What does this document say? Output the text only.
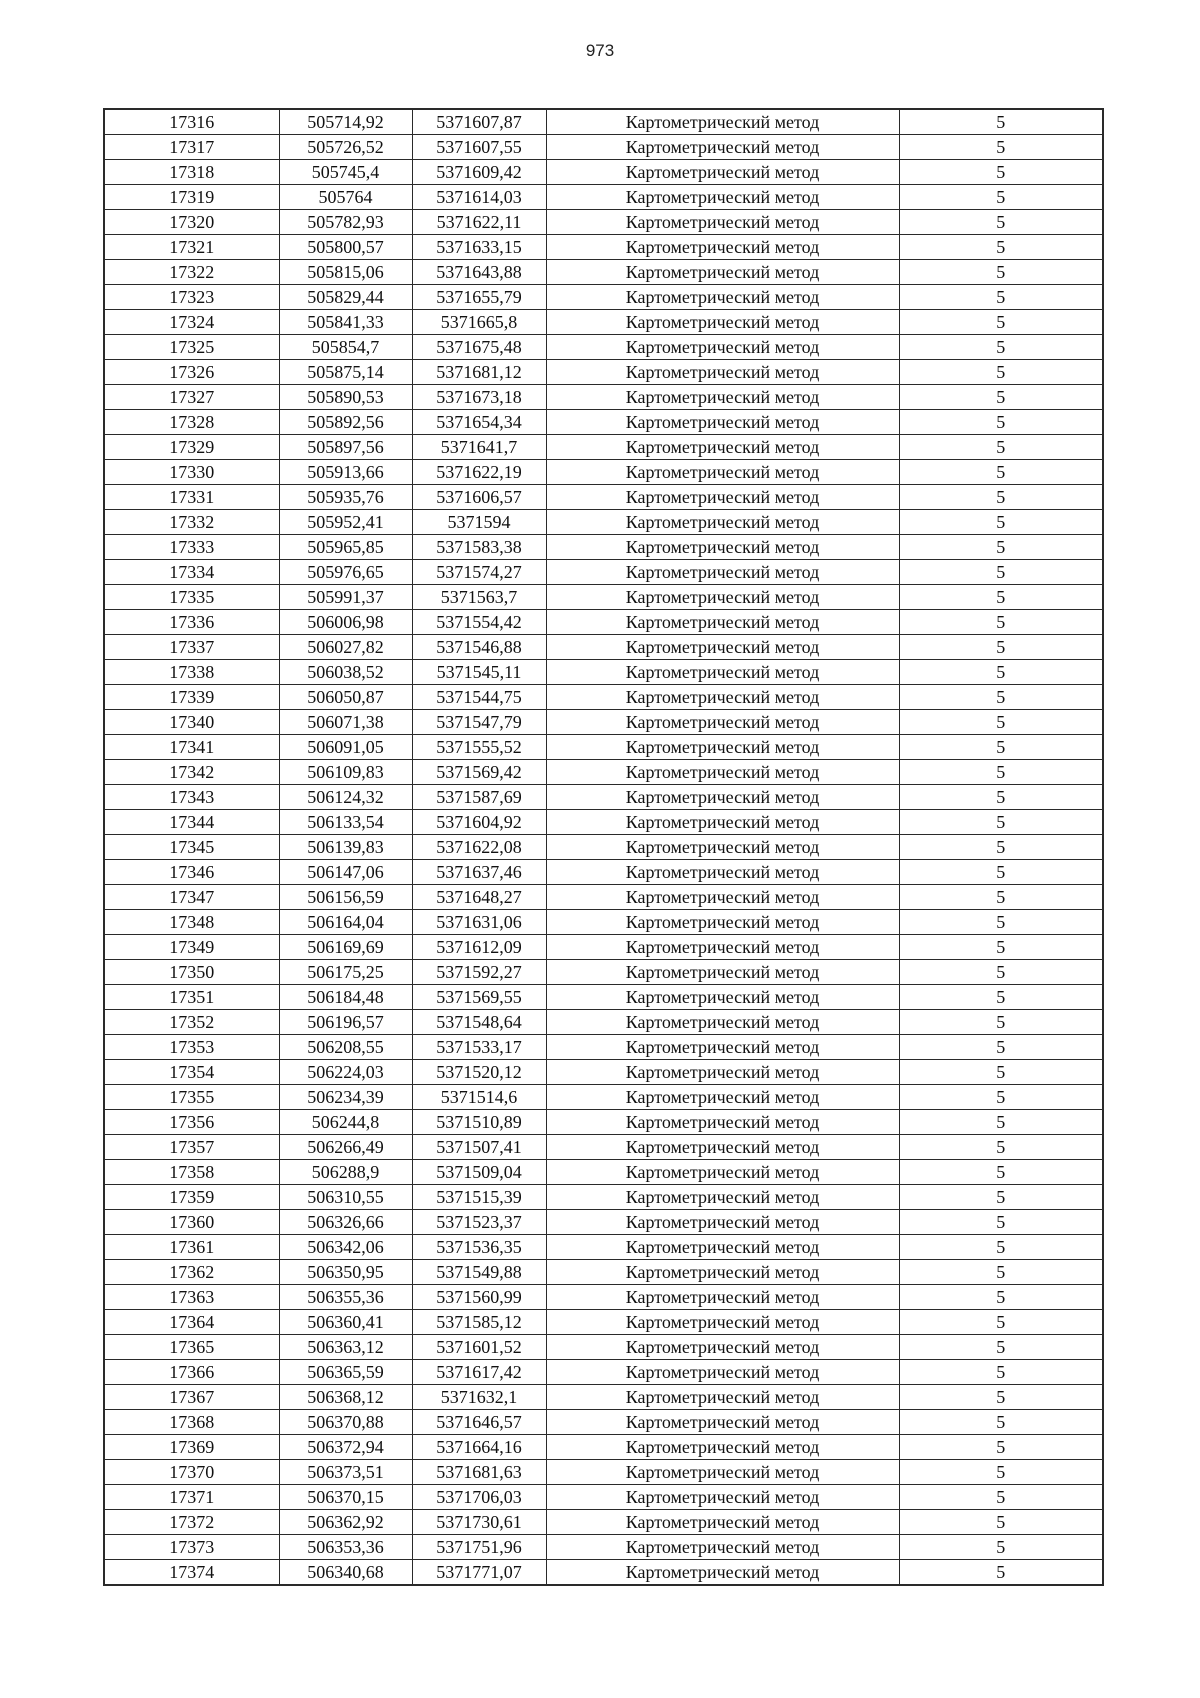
973
17316	505714,92	5371607,87	Картометрический метод	5
17317	505726,52	5371607,55	Картометрический метод	5
17318	505745,4	5371609,42	Картометрический метод	5
17319	505764	5371614,03	Картометрический метод	5
17320	505782,93	5371622,11	Картометрический метод	5
17321	505800,57	5371633,15	Картометрический метод	5
17322	505815,06	5371643,88	Картометрический метод	5
17323	505829,44	5371655,79	Картометрический метод	5
17324	505841,33	5371665,8	Картометрический метод	5
17325	505854,7	5371675,48	Картометрический метод	5
17326	505875,14	5371681,12	Картометрический метод	5
17327	505890,53	5371673,18	Картометрический метод	5
17328	505892,56	5371654,34	Картометрический метод	5
17329	505897,56	5371641,7	Картометрический метод	5
17330	505913,66	5371622,19	Картометрический метод	5
17331	505935,76	5371606,57	Картометрический метод	5
17332	505952,41	5371594	Картометрический метод	5
17333	505965,85	5371583,38	Картометрический метод	5
17334	505976,65	5371574,27	Картометрический метод	5
17335	505991,37	5371563,7	Картометрический метод	5
17336	506006,98	5371554,42	Картометрический метод	5
17337	506027,82	5371546,88	Картометрический метод	5
17338	506038,52	5371545,11	Картометрический метод	5
17339	506050,87	5371544,75	Картометрический метод	5
17340	506071,38	5371547,79	Картометрический метод	5
17341	506091,05	5371555,52	Картометрический метод	5
17342	506109,83	5371569,42	Картометрический метод	5
17343	506124,32	5371587,69	Картометрический метод	5
17344	506133,54	5371604,92	Картометрический метод	5
17345	506139,83	5371622,08	Картометрический метод	5
17346	506147,06	5371637,46	Картометрический метод	5
17347	506156,59	5371648,27	Картометрический метод	5
17348	506164,04	5371631,06	Картометрический метод	5
17349	506169,69	5371612,09	Картометрический метод	5
17350	506175,25	5371592,27	Картометрический метод	5
17351	506184,48	5371569,55	Картометрический метод	5
17352	506196,57	5371548,64	Картометрический метод	5
17353	506208,55	5371533,17	Картометрический метод	5
17354	506224,03	5371520,12	Картометрический метод	5
17355	506234,39	5371514,6	Картометрический метод	5
17356	506244,8	5371510,89	Картометрический метод	5
17357	506266,49	5371507,41	Картометрический метод	5
17358	506288,9	5371509,04	Картометрический метод	5
17359	506310,55	5371515,39	Картометрический метод	5
17360	506326,66	5371523,37	Картометрический метод	5
17361	506342,06	5371536,35	Картометрический метод	5
17362	506350,95	5371549,88	Картометрический метод	5
17363	506355,36	5371560,99	Картометрический метод	5
17364	506360,41	5371585,12	Картометрический метод	5
17365	506363,12	5371601,52	Картометрический метод	5
17366	506365,59	5371617,42	Картометрический метод	5
17367	506368,12	5371632,1	Картометрический метод	5
17368	506370,88	5371646,57	Картометрический метод	5
17369	506372,94	5371664,16	Картометрический метод	5
17370	506373,51	5371681,63	Картометрический метод	5
17371	506370,15	5371706,03	Картометрический метод	5
17372	506362,92	5371730,61	Картометрический метод	5
17373	506353,36	5371751,96	Картометрический метод	5
17374	506340,68	5371771,07	Картометрический метод	5
